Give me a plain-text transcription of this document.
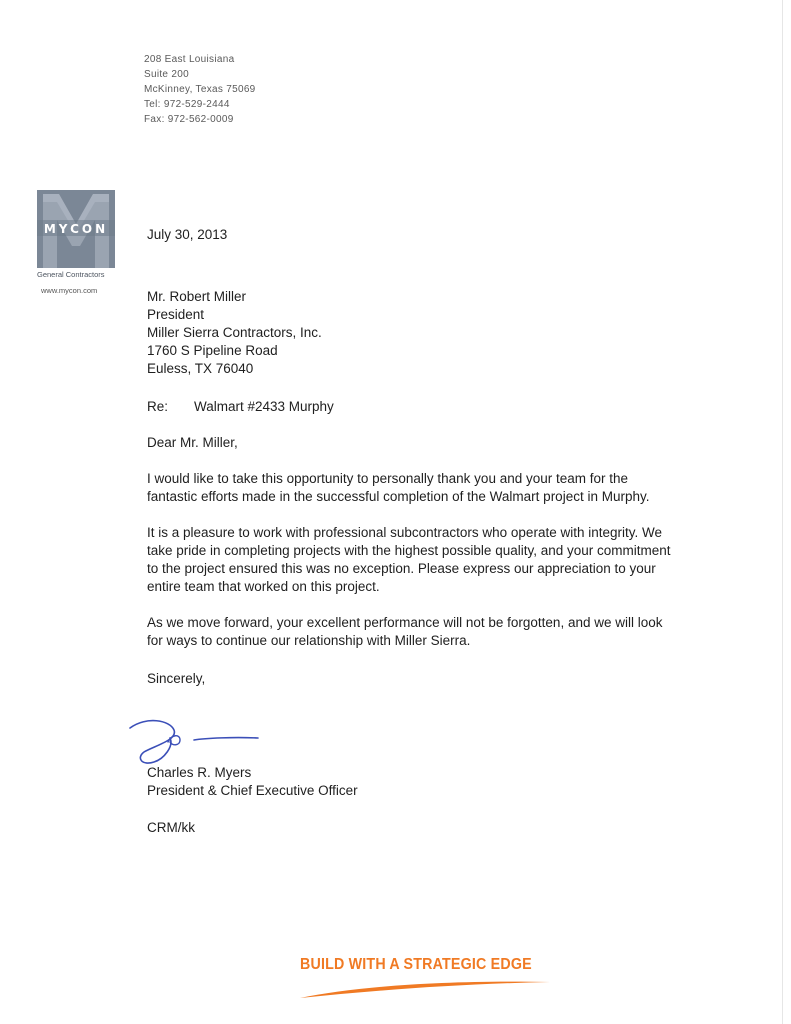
208 East Louisiana
Suite 200
McKinney, Texas 75069
Tel: 972-529-2444
Fax: 972-562-0009
MYCON
General Contractors
www.mycon.com
July 30, 2013
Mr. Robert Miller
President
Miller Sierra Contractors, Inc.
1760 S Pipeline Road
Euless, TX 76040
Re: Walmart #2433 Murphy
Dear Mr. Miller,
I would like to take this opportunity to personally thank you and your team for the fantastic efforts made in the successful completion of the Walmart project in Murphy.
It is a pleasure to work with professional subcontractors who operate with integrity. We take pride in completing projects with the highest possible quality, and your commitment to the project ensured this was no exception. Please express our appreciation to your entire team that worked on this project.
As we move forward, your excellent performance will not be forgotten, and we will look for ways to continue our relationship with Miller Sierra.
Sincerely,
Charles R. Myers
President & Chief Executive Officer
CRM/kk
BUILD WITH A STRATEGIC EDGE
